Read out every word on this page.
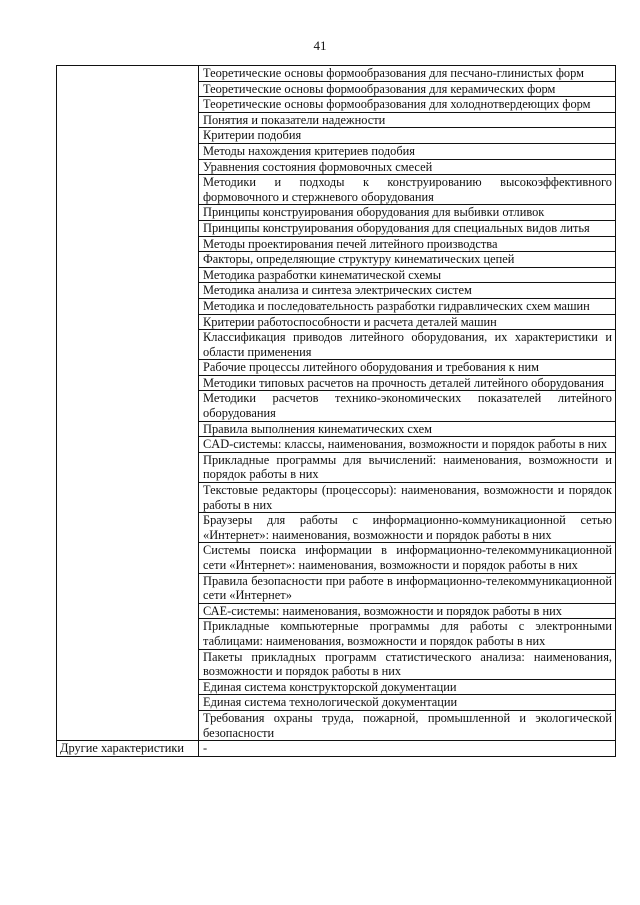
41
	Теоретические основы формообразования для песчано-глинистых форм
	Теоретические основы формообразования для керамических форм
	Теоретические основы формообразования для холоднотвердеющих форм
	Понятия и показатели надежности
	Критерии подобия
	Методы нахождения критериев подобия
	Уравнения состояния формовочных смесей
	Методики и подходы к конструированию высокоэффективного формовочного и стержневого оборудования
	Принципы конструирования оборудования для выбивки отливок
	Принципы конструирования оборудования для специальных видов литья
	Методы проектирования печей литейного производства
	Факторы, определяющие структуру кинематических цепей
	Методика разработки кинематической схемы
	Методика анализа и синтеза электрических систем
	Методика и последовательность разработки гидравлических схем машин
	Критерии работоспособности и расчета деталей машин
	Классификация приводов литейного оборудования, их характеристики и области применения
	Рабочие процессы литейного оборудования и требования к ним
	Методики типовых расчетов на прочность деталей литейного оборудования
	Методики расчетов технико-экономических показателей литейного оборудования
	Правила выполнения кинематических схем
	CAD-системы: классы, наименования, возможности и порядок работы в них
	Прикладные программы для вычислений: наименования, возможности и порядок работы в них
	Текстовые редакторы (процессоры): наименования, возможности и порядок работы в них
	Браузеры для работы с информационно-коммуникационной сетью «Интернет»: наименования, возможности и порядок работы в них
	Системы поиска информации в информационно-телекоммуникационной сети «Интернет»: наименования, возможности и порядок работы в них
	Правила безопасности при работе в информационно-телекоммуникационной сети «Интернет»
	САЕ-системы: наименования, возможности и порядок работы в них
	Прикладные компьютерные программы для работы с электронными таблицами: наименования, возможности и порядок работы в них
	Пакеты прикладных программ статистического анализа: наименования, возможности и порядок работы в них
	Единая система конструкторской документации
	Единая система технологической документации
	Требования охраны труда, пожарной, промышленной и экологической безопасности
Другие характеристики	-
